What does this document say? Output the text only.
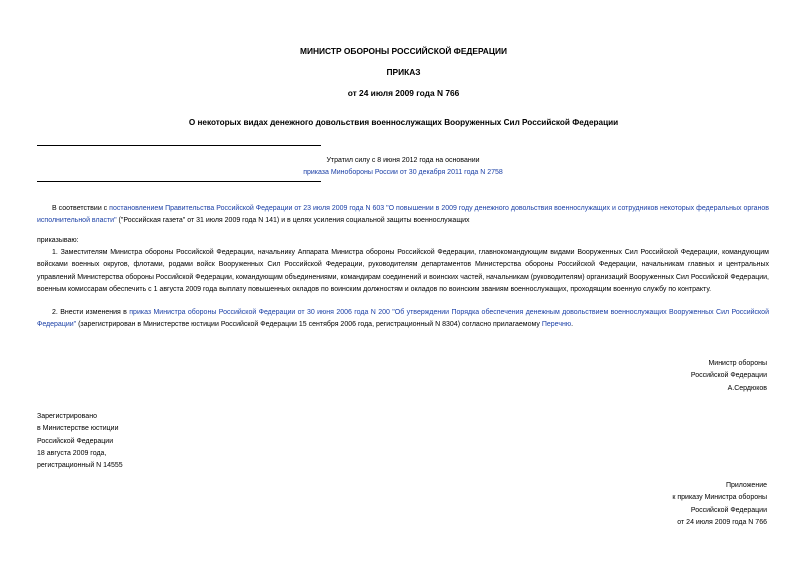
МИНИСТР ОБОРОНЫ РОССИЙСКОЙ ФЕДЕРАЦИИ
ПРИКАЗ
от 24 июля 2009 года N 766
О некоторых видах денежного довольствия военнослужащих Вооруженных Сил Российской Федерации
Утратил силу с 8 июня 2012 года на основании
приказа Минобороны России от 30 декабря 2011 года N 2758
В соответствии с постановлением Правительства Российской Федерации от 23 июля 2009 года N 603 "О повышении в 2009 году денежного довольствия военнослужащих и сотрудников некоторых федеральных органов исполнительной власти" ("Российская газета" от 31 июля 2009 года N 141) и в целях усиления социальной защиты военнослужащих
приказываю:
1. Заместителям Министра обороны Российской Федерации, начальнику Аппарата Министра обороны Российской Федерации, главнокомандующим видами Вооруженных Сил Российской Федерации, командующим войсками военных округов, флотами, родами войск Вооруженных Сил Российской Федерации, руководителям департаментов Министерства обороны Российской Федерации, начальникам главных и центральных управлений Министерства обороны Российской Федерации, командующим объединениями, командирам соединений и воинских частей, начальникам (руководителям) организаций Вооруженных Сил Российской Федерации, военным комиссарам обеспечить с 1 августа 2009 года выплату повышенных окладов по воинским должностям и окладов по воинским званиям военнослужащих, проходящим военную службу по контракту.
2. Внести изменения в приказ Министра обороны Российской Федерации от 30 июня 2006 года N 200 "Об утверждении Порядка обеспечения денежным довольствием военнослужащих Вооруженных Сил Российской Федерации" (зарегистрирован в Министерстве юстиции Российской Федерации 15 сентября 2006 года, регистрационный N 8304) согласно прилагаемому Перечню.
Министр обороны
Российской Федерации
А.Сердюков
Зарегистрировано
в Министерстве юстиции
Российской Федерации
18 августа 2009 года,
регистрационный N 14555
Приложение
к приказу Министра обороны
Российской Федерации
от 24 июля 2009 года N 766
